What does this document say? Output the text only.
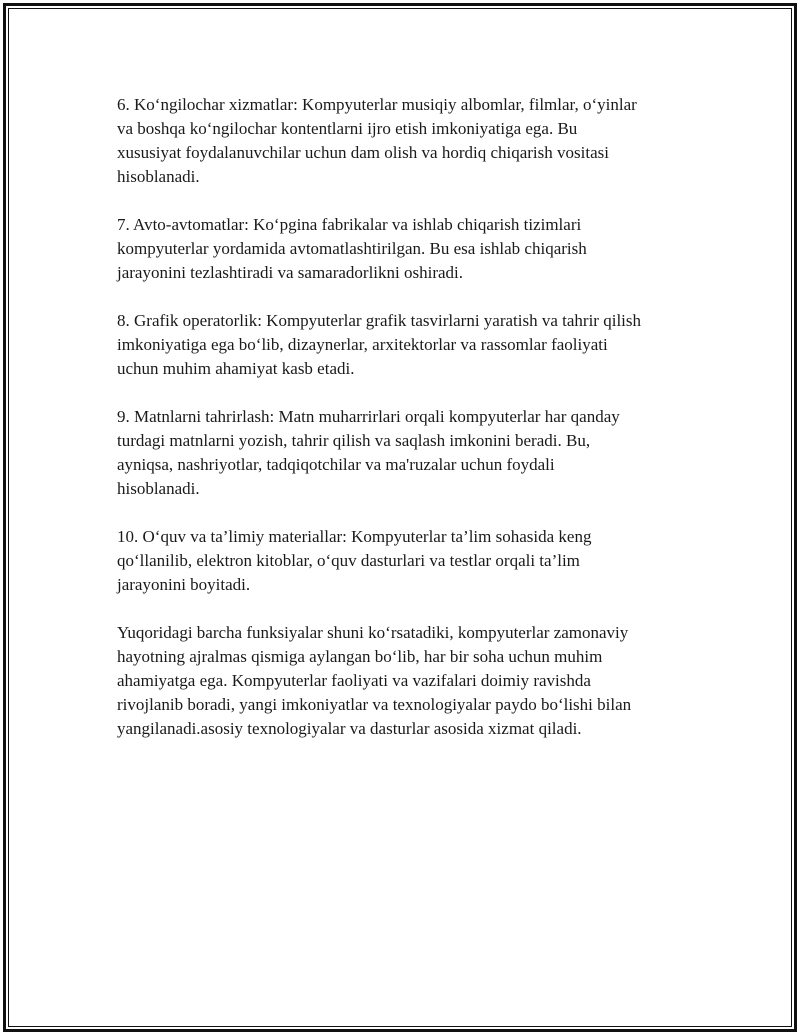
6. Ko‘ngilochar xizmatlar: Kompyuterlar musiqiy albomlar, filmlar, o‘yinlar
va boshqa ko‘ngilochar kontentlarni ijro etish imkoniyatiga ega. Bu
xususiyat foydalanuvchilar uchun dam olish va hordiq chiqarish vositasi
hisoblanadi.

7. Avto-avtomatlar: Ko‘pgina fabrikalar va ishlab chiqarish tizimlari
kompyuterlar yordamida avtomatlashtirilgan. Bu esa ishlab chiqarish
jarayonini tezlashtiradi va samaradorlikni oshiradi.

8. Grafik operatorlik: Kompyuterlar grafik tasvirlarni yaratish va tahrir qilish
imkoniyatiga ega bo‘lib, dizaynerlar, arxitektorlar va rassomlar faoliyati
uchun muhim ahamiyat kasb etadi.

9. Matnlarni tahrirlash: Matn muharrirlari orqali kompyuterlar har qanday
turdagi matnlarni yozish, tahrir qilish va saqlash imkonini beradi. Bu,
ayniqsa, nashriyotlar, tadqiqotchilar va ma'ruzalar uchun foydali
hisoblanadi.

10. O‘quv va ta’limiy materiallar: Kompyuterlar ta’lim sohasida keng
qo‘llanilib, elektron kitoblar, o‘quv dasturlari va testlar orqali ta’lim
jarayonini boyitadi.

Yuqoridagi barcha funksiyalar shuni ko‘rsatadiki, kompyuterlar zamonaviy
hayotning ajralmas qismiga aylangan bo‘lib, har bir soha uchun muhim
ahamiyatga ega. Kompyuterlar faoliyati va vazifalari doimiy ravishda
rivojlanib boradi, yangi imkoniyatlar va texnologiyalar paydo bo‘lishi bilan
yangilanadi.asosiy texnologiyalar va dasturlar asosida xizmat qiladi.
